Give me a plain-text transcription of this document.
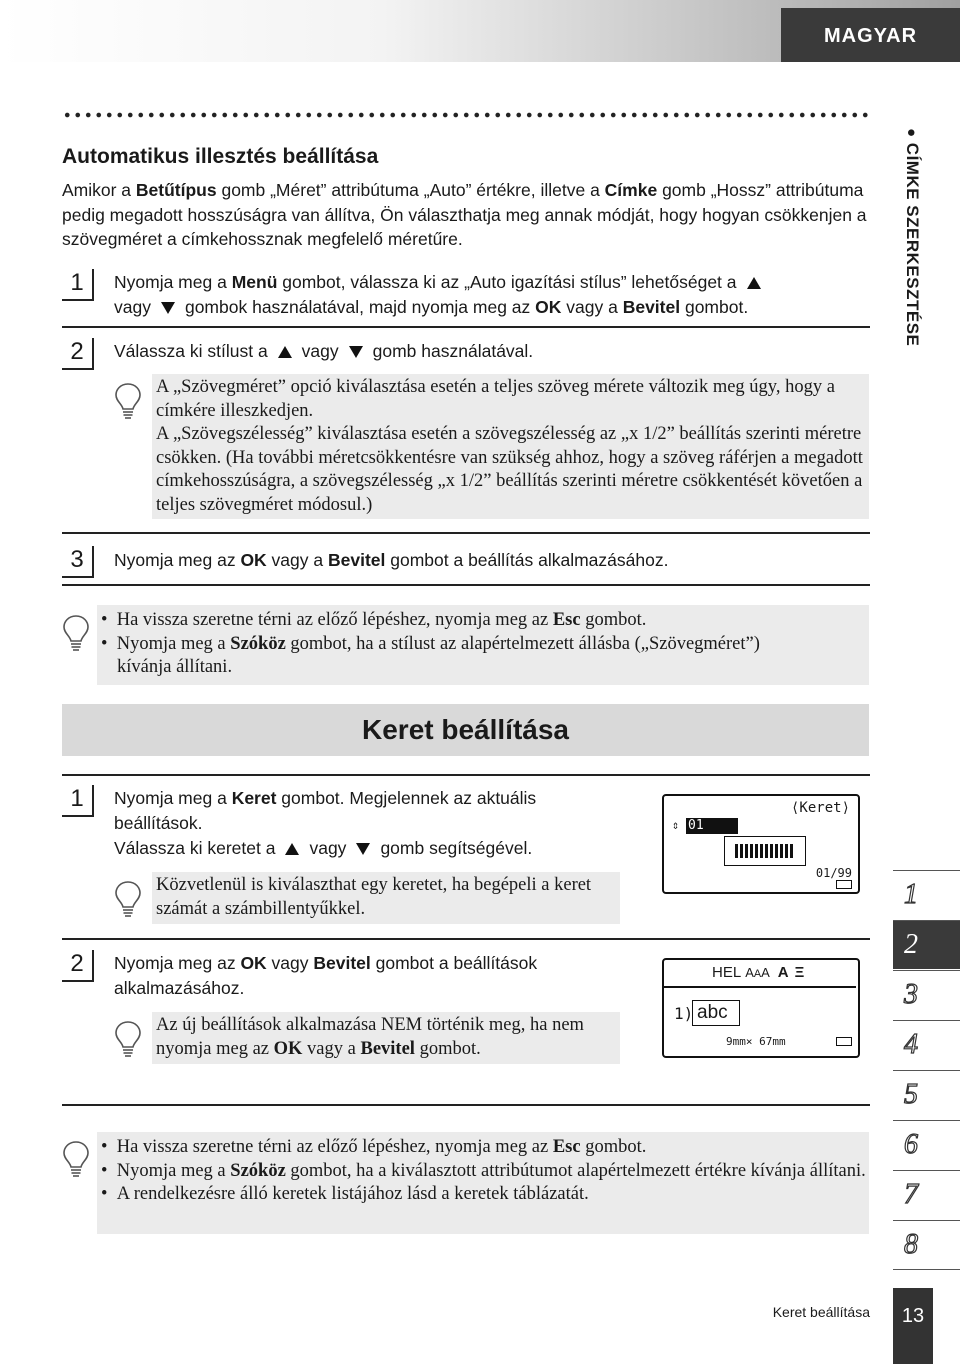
MAGYAR
● CÍMKE SZERKESZTÉSE
Automatikus illesztés beállítása
Amikor a Betűtípus gomb „Méret” attribútuma „Auto” értékre, illetve a Címke gomb „Hossz” attribútuma pedig megadott hosszúságra van állítva, Ön választhatja meg annak módját, hogy hogyan csökkenjen a szövegméret a címkehossznak megfelelő méretűre.
1	Nyomja meg a Menü gombot, válassza ki az „Auto igazítási stílus” lehetőséget a
vagy gombok használatával, majd nyomja meg az OK vagy a Bevitel gombot.
2	Válassza ki stílust a vagy gomb használatával.
A „Szövegméret” opció kiválasztása esetén a teljes szöveg mérete változik meg úgy, hogy a címkére illeszkedjen.
A „Szövegszélesség” kiválasztása esetén a szövegszélesség az „x 1/2” beállítás szerinti méretre csökken. (Ha további méretcsökkentésre van szükség ahhoz, hogy a szöveg ráférjen a megadott címkehosszúságra, a szövegszélesség „x 1/2” beállítás szerinti méretre csökkentését követően a teljes szövegméret módosul.)
3	Nyomja meg az OK vagy a Bevitel gombot a beállítás alkalmazásához.
•  Ha vissza szeretne térni az előző lépéshez, nyomja meg az Esc gombot.
•  Nyomja meg a Szóköz gombot, ha a stílust az alapértelmezett állásba („Szövegméret”) kívánja állítani.
Keret beállítása
1	Nyomja meg a Keret gombot. Megjelennek az aktuális beállítások.
Válassza ki keretet a vagy gomb segítségével.
⟨Keret⟩
⇕ 01
01/99
Közvetlenül is kiválaszthat egy keretet, ha begépeli a keret számát a számbillentyűkkel.
2	Nyomja meg az OK vagy Bevitel gombot a beállítások alkalmazásához.
HEL AAA A Ξ
1) abc
9mm× 67mm
Az új beállítások alkalmazása NEM történik meg, ha nem nyomja meg az OK vagy a Bevitel gombot.
•  Ha vissza szeretne térni az előző lépéshez, nyomja meg az Esc gombot.
•  Nyomja meg a Szóköz gombot, ha a kiválasztott attribútumot alapértelmezett értékre kívánja állítani.
•  A rendelkezésre álló keretek listájához lásd a keretek táblázatát.
1
2
3
4
5
6
7
8
Keret beállítása	13
